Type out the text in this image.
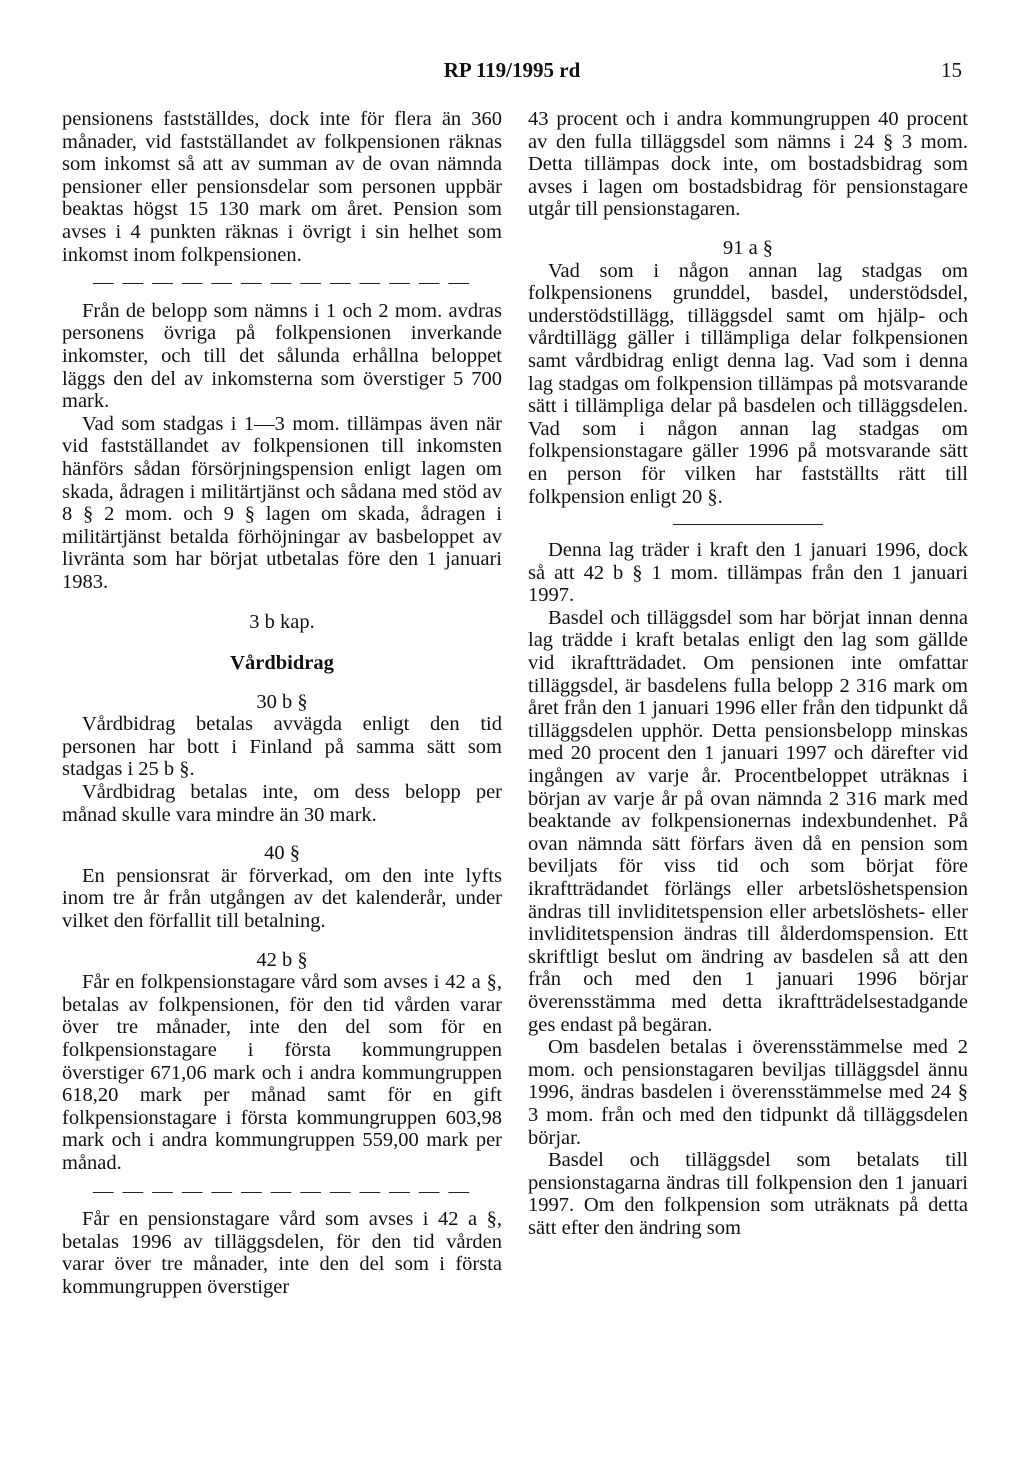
RP 119/1995 rd	15

pensionens fastställdes, dock inte för flera än 360 månader, vid fastställandet av folkpensionen räknas som inkomst så att av summan av de ovan nämnda pensioner eller pensionsdelar som personen uppbär beaktas högst 15 130 mark om året. Pension som avses i 4 punkten räknas i övrigt i sin helhet som inkomst inom folkpensionen.

— — — — — — — — — — — — —

Från de belopp som nämns i 1 och 2 mom. avdras personens övriga på folkpensionen inverkande inkomster, och till det sålunda erhållna beloppet läggs den del av inkomsterna som överstiger 5 700 mark.

Vad som stadgas i 1—3 mom. tillämpas även när vid fastställandet av folkpensionen till inkomsten hänförs sådan försörjningspension enligt lagen om skada, ådragen i militärtjänst och sådana med stöd av 8 § 2 mom. och 9 § lagen om skada, ådragen i militärtjänst betalda förhöjningar av basbeloppet av livränta som har börjat utbetalas före den 1 januari 1983.

3 b kap.
Vårdbidrag
30 b §

Vårdbidrag betalas avvägda enligt den tid personen har bott i Finland på samma sätt som stadgas i 25 b §.

Vårdbidrag betalas inte, om dess belopp per månad skulle vara mindre än 30 mark.

40 §

En pensionsrat är förverkad, om den inte lyfts inom tre år från utgången av det kalenderår, under vilket den förfallit till betalning.

42 b §

Får en folkpensionstagare vård som avses i 42 a §, betalas av folkpensionen, för den tid vården varar över tre månader, inte den del som för en folkpensionstagare i första kommungruppen överstiger 671,06 mark och i andra kommungruppen 618,20 mark per månad samt för en gift folkpensionstagare i första kommungruppen 603,98 mark och i andra kommungruppen 559,00 mark per månad.

— — — — — — — — — — — — —

Får en pensionstagare vård som avses i 42 a §, betalas 1996 av tilläggsdelen, för den tid vården varar över tre månader, inte den del som i första kommungruppen överstiger

43 procent och i andra kommungruppen 40 procent av den fulla tilläggsdel som nämns i 24 § 3 mom. Detta tillämpas dock inte, om bostadsbidrag som avses i lagen om bostadsbidrag för pensionstagare utgår till pensionstagaren.

91 a §

Vad som i någon annan lag stadgas om folkpensionens grunddel, basdel, understödsdel, understödstillägg, tilläggsdel samt om hjälp- och vårdtillägg gäller i tillämpliga delar folkpensionen samt vårdbidrag enligt denna lag. Vad som i denna lag stadgas om folkpension tillämpas på motsvarande sätt i tillämpliga delar på basdelen och tilläggsdelen. Vad som i någon annan lag stadgas om folkpensionstagare gäller 1996 på motsvarande sätt en person för vilken har fastställts rätt till folkpension enligt 20 §.

Denna lag träder i kraft den 1 januari 1996, dock så att 42 b § 1 mom. tillämpas från den 1 januari 1997.

Basdel och tilläggsdel som har börjat innan denna lag trädde i kraft betalas enligt den lag som gällde vid ikraftträdadet. Om pensionen inte omfattar tilläggsdel, är basdelens fulla belopp 2 316 mark om året från den 1 januari 1996 eller från den tidpunkt då tilläggsdelen upphör. Detta pensionsbelopp minskas med 20 procent den 1 januari 1997 och därefter vid ingången av varje år. Procentbeloppet uträknas i början av varje år på ovan nämnda 2 316 mark med beaktande av folkpensionernas indexbundenhet. På ovan nämnda sätt förfars även då en pension som beviljats för viss tid och som börjat före ikraftträdandet förlängs eller arbetslöshetspension ändras till invliditetspension eller arbetslöshets- eller invliditetspension ändras till ålderdomspension. Ett skriftligt beslut om ändring av basdelen så att den från och med den 1 januari 1996 börjar överensstämma med detta ikraftträdelsestadgande ges endast på begäran.

Om basdelen betalas i överensstämmelse med 2 mom. och pensionstagaren beviljas tilläggsdel ännu 1996, ändras basdelen i överensstämmelse med 24 § 3 mom. från och med den tidpunkt då tilläggsdelen börjar.

Basdel och tilläggsdel som betalats till pensionstagarna ändras till folkpension den 1 januari 1997. Om den folkpension som uträknats på detta sätt efter den ändring som
